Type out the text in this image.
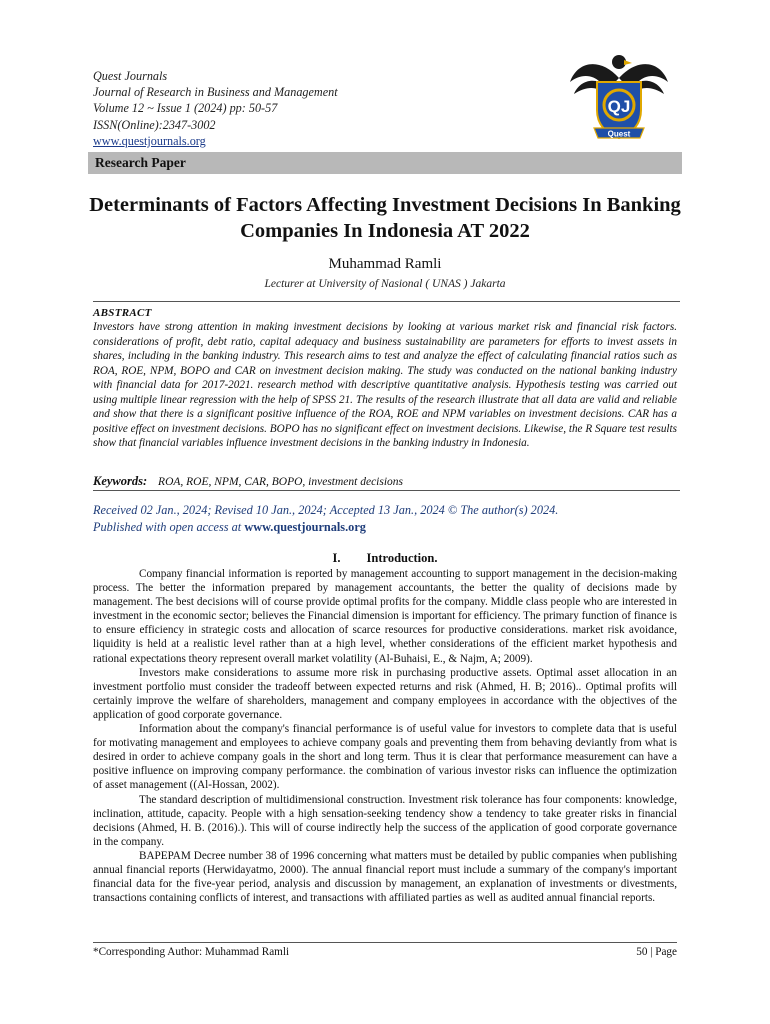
Quest Journals
Journal of Research in Business and Management
Volume 12 ~ Issue 1 (2024) pp: 50-57
ISSN(Online):2347-3002
www.questjournals.org
QJ
Quest
Research Paper
Determinants of Factors Affecting Investment Decisions In Banking Companies In Indonesia AT 2022
Muhammad Ramli
Lecturer at University of Nasional ( UNAS ) Jakarta
ABSTRACT
Investors have strong attention in making investment decisions by looking at various market risk and financial risk factors. considerations of profit, debt ratio, capital adequacy and business sustainability are parameters for efforts to invest assets in shares, including in the banking industry. This research aims to test and analyze the effect of calculating financial ratios such as ROA, ROE, NPM, BOPO and CAR on investment decision making. The study was conducted on the national banking industry with financial data for 2017-2021. research method with descriptive quantitative analysis. Hypothesis testing was carried out using multiple linear regression with the help of SPSS 21. The results of the research illustrate that all data are valid and reliable and show that there is a significant positive influence of the ROA, ROE and NPM variables on investment decisions. CAR has a positive effect on investment decisions. BOPO has no significant effect on investment decisions. Likewise, the R Square test results show that financial variables influence investment decisions in the banking industry in Indonesia.
Keywords: ROA, ROE, NPM, CAR, BOPO, investment decisions
Received 02 Jan., 2024; Revised 10 Jan., 2024; Accepted 13 Jan., 2024 © The author(s) 2024.
Published with open access at www.questjournals.org
I. Introduction.

Company financial information is reported by management accounting to support management in the decision-making process. The better the information prepared by management accountants, the better the quality of decisions made by management. The best decisions will of course provide optimal profits for the company. Middle class people who are interested in investment in the economic sector; believes the Financial dimension is important for efficiency. The primary function of finance is to ensure efficiency in strategic costs and allocation of scarce resources for productive considerations. market risk avoidance, liquidity is held at a realistic level rather than at a high level, whether considerations of the efficient market hypothesis and rational expectations theory represent overall market volatility (Al-Buhaisi, E., & Najm, A; 2009).

Investors make considerations to assume more risk in purchasing productive assets. Optimal asset allocation in an investment portfolio must consider the tradeoff between expected returns and risk (Ahmed, H. B; 2016).. Optimal profits will certainly improve the welfare of shareholders, management and company employees in accordance with the objectives of the application of good corporate governance.

Information about the company's financial performance is of useful value for investors to complete data that is useful for motivating management and employees to achieve company goals and preventing them from behaving deviantly from what is desired in order to achieve company goals in the short and long term. Thus it is clear that performance measurement can have a positive influence on improving company performance. the combination of various investor risks can influence the optimization of asset management ((Al-Hossan, 2002).

The standard description of multidimensional construction. Investment risk tolerance has four components: knowledge, inclination, attitude, capacity. People with a high sensation-seeking tendency show a tendency to take greater risks in financial decisions (Ahmed, H. B. (2016).). This will of course indirectly help the success of the application of good corporate governance in the company.

BAPEPAM Decree number 38 of 1996 concerning what matters must be detailed by public companies when publishing annual financial reports (Herwidayatmo, 2000). The annual financial report must include a summary of the company's important financial data for the five-year period, analysis and discussion by management, an explanation of investments or divestments, transactions containing conflicts of interest, and transactions with affiliated parties as well as audited annual financial reports.

*Corresponding Author: Muhammad Ramli	50 | Page
